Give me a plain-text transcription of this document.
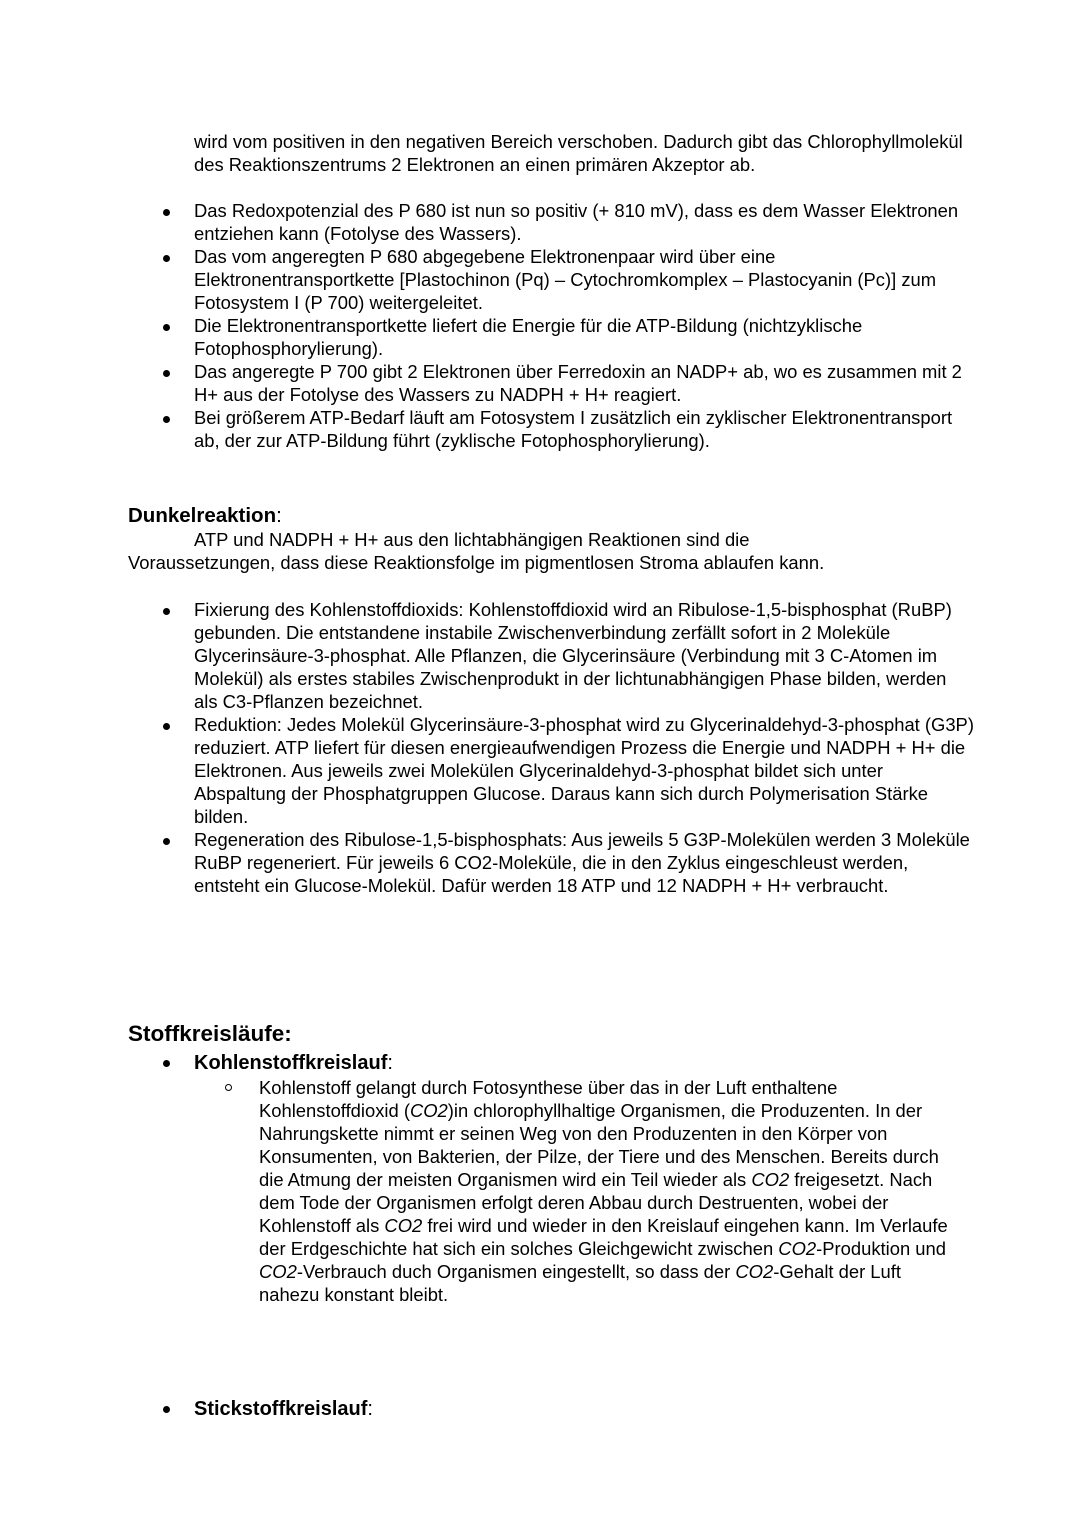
wird vom positiven in den negativen Bereich verschoben. Dadurch gibt das Chlorophyllmolekül des Reaktionszentrums 2 Elektronen an einen primären Akzeptor ab.
Das Redoxpotenzial des P 680 ist nun so positiv (+ 810 mV), dass es dem Wasser Elektronen entziehen kann (Fotolyse des Wassers).
Das vom angeregten P 680 abgegebene Elektronenpaar wird über eine Elektronentransportkette [Plastochinon (Pq) – Cytochromkomplex – Plastocyanin (Pc)] zum Fotosystem I (P 700) weitergeleitet.
Die Elektronentransportkette liefert die Energie für die ATP-Bildung (nichtzyklische Fotophosphorylierung).
Das angeregte P 700 gibt 2 Elektronen über Ferredoxin an NADP+ ab, wo es zusammen mit 2 H+ aus der Fotolyse des Wassers zu NADPH + H+ reagiert.
Bei größerem ATP-Bedarf läuft am Fotosystem I zusätzlich ein zyklischer Elektronentransport ab, der zur ATP-Bildung führt (zyklische Fotophosphorylierung).
Dunkelreaktion:
ATP und NADPH + H+ aus den lichtabhängigen Reaktionen sind die
Voraussetzungen, dass diese Reaktionsfolge im pigmentlosen Stroma ablaufen kann.
Fixierung des Kohlenstoffdioxids: Kohlenstoffdioxid wird an Ribulose-1,5-bisphosphat (RuBP) gebunden. Die entstandene instabile Zwischenverbindung zerfällt sofort in 2 Moleküle Glycerinsäure-3-phosphat. Alle Pflanzen, die Glycerinsäure (Verbindung mit 3 C-Atomen im Molekül) als erstes stabiles Zwischenprodukt in der lichtunabhängigen Phase bilden, werden als C3-Pflanzen bezeichnet.
Reduktion: Jedes Molekül Glycerinsäure-3-phosphat wird zu Glycerinaldehyd-3-phosphat (G3P) reduziert. ATP liefert für diesen energieaufwendigen Prozess die Energie und NADPH + H+ die Elektronen. Aus jeweils zwei Molekülen Glycerinaldehyd-3-phosphat bildet sich unter Abspaltung der Phosphatgruppen Glucose. Daraus kann sich durch Polymerisation Stärke bilden.
Regeneration des Ribulose-1,5-bisphosphats: Aus jeweils 5 G3P-Molekülen werden 3 Moleküle RuBP regeneriert. Für jeweils 6 CO2-Moleküle, die in den Zyklus eingeschleust werden, entsteht ein Glucose-Molekül. Dafür werden 18 ATP und 12 NADPH + H+ verbraucht.
Stoffkreisläufe:
Kohlenstoffkreislauf:
Kohlenstoff gelangt durch Fotosynthese über das in der Luft enthaltene Kohlenstoffdioxid (CO2)in chlorophyllhaltige Organismen, die Produzenten. In der Nahrungskette nimmt er seinen Weg von den Produzenten in den Körper von Konsumenten, von Bakterien, der Pilze, der Tiere und des Menschen. Bereits durch die Atmung der meisten Organismen wird ein Teil wieder als CO2 freigesetzt. Nach dem Tode der Organismen erfolgt deren Abbau durch Destruenten, wobei der Kohlenstoff als CO2 frei wird und wieder in den Kreislauf eingehen kann. Im Verlaufe der Erdgeschichte hat sich ein solches Gleichgewicht zwischen CO2-Produktion und CO2-Verbrauch duch Organismen eingestellt, so dass der CO2-Gehalt der Luft nahezu konstant bleibt.
Stickstoffkreislauf:
